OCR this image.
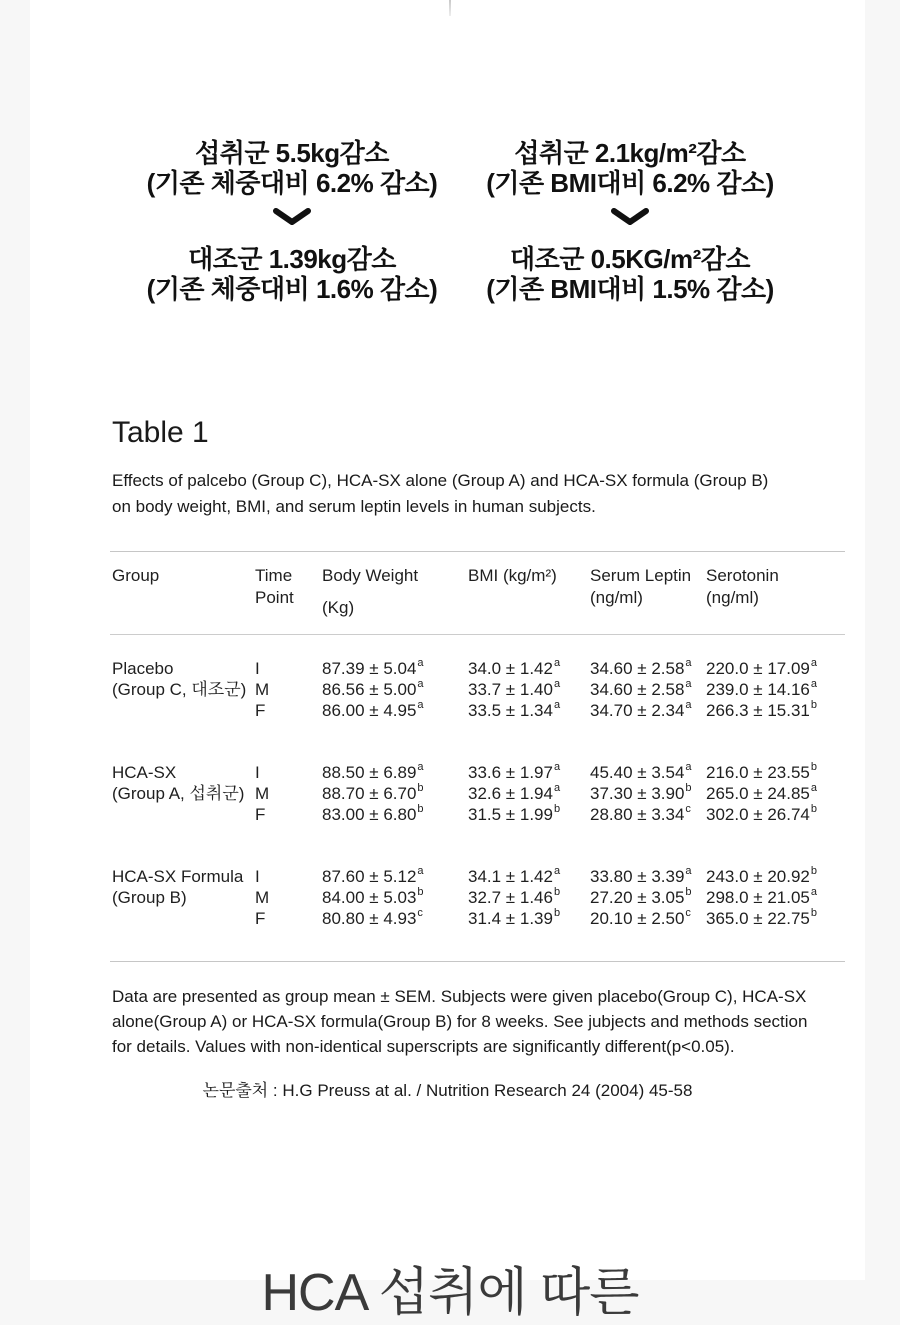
섭취군 5.5kg감소
(기존 체중대비 6.2% 감소)
대조군 1.39kg감소
(기존 체중대비 1.6% 감소)
섭취군 2.1kg/m²감소
(기존 BMI대비 6.2% 감소)
대조군 0.5KG/m²감소
(기존 BMI대비 1.5% 감소)
Table 1
Effects of palcebo (Group C), HCA-SX alone (Group A) and HCA-SX formula (Group B)
on body weight, BMI, and serum leptin levels in human subjects.
Group	Time
Point
Body Weight
(Kg)
BMI (kg/m²)	Serum Leptin
(ng/ml)
Serotonin
(ng/ml)
Placebo
(Group C, 대조군)
I
M
F
87.39 ± 5.04$^a$
86.56 ± 5.00$^a$
86.00 ± 4.95$^a$
34.0 ± 1.42$^a$
33.7 ± 1.40$^a$
33.5 ± 1.34$^a$
34.60 ± 2.58$^a$
34.60 ± 2.58$^a$
34.70 ± 2.34$^a$
220.0 ± 17.09$^a$
239.0 ± 14.16$^a$
266.3 ± 15.31$^b$
HCA-SX
(Group A, 섭취군)
I
M
F
88.50 ± 6.89$^a$
88.70 ± 6.70$^b$
83.00 ± 6.80$^b$
33.6 ± 1.97$^a$
32.6 ± 1.94$^a$
31.5 ± 1.99$^b$
45.40 ± 3.54$^a$
37.30 ± 3.90$^b$
28.80 ± 3.34$^c$
216.0 ± 23.55$^b$
265.0 ± 24.85$^a$
302.0 ± 26.74$^b$
HCA-SX Formula
(Group B)
I
M
F
87.60 ± 5.12$^a$
84.00 ± 5.03$^b$
80.80 ± 4.93$^c$
34.1 ± 1.42$^a$
32.7 ± 1.46$^b$
31.4 ± 1.39$^b$
33.80 ± 3.39$^a$
27.20 ± 3.05$^b$
20.10 ± 2.50$^c$
243.0 ± 20.92$^b$
298.0 ± 21.05$^a$
365.0 ± 22.75$^b$
Data are presented as group mean ± SEM. Subjects were given placebo(Group C), HCA-SX
alone(Group A) or HCA-SX formula(Group B) for 8 weeks. See jubjects and methods section
for details. Values with non-identical superscripts are significantly different(p<0.05).
논문출처 : H.G Preuss at al. / Nutrition Research 24 (2004) 45-58
HCA 섭취에 따른
